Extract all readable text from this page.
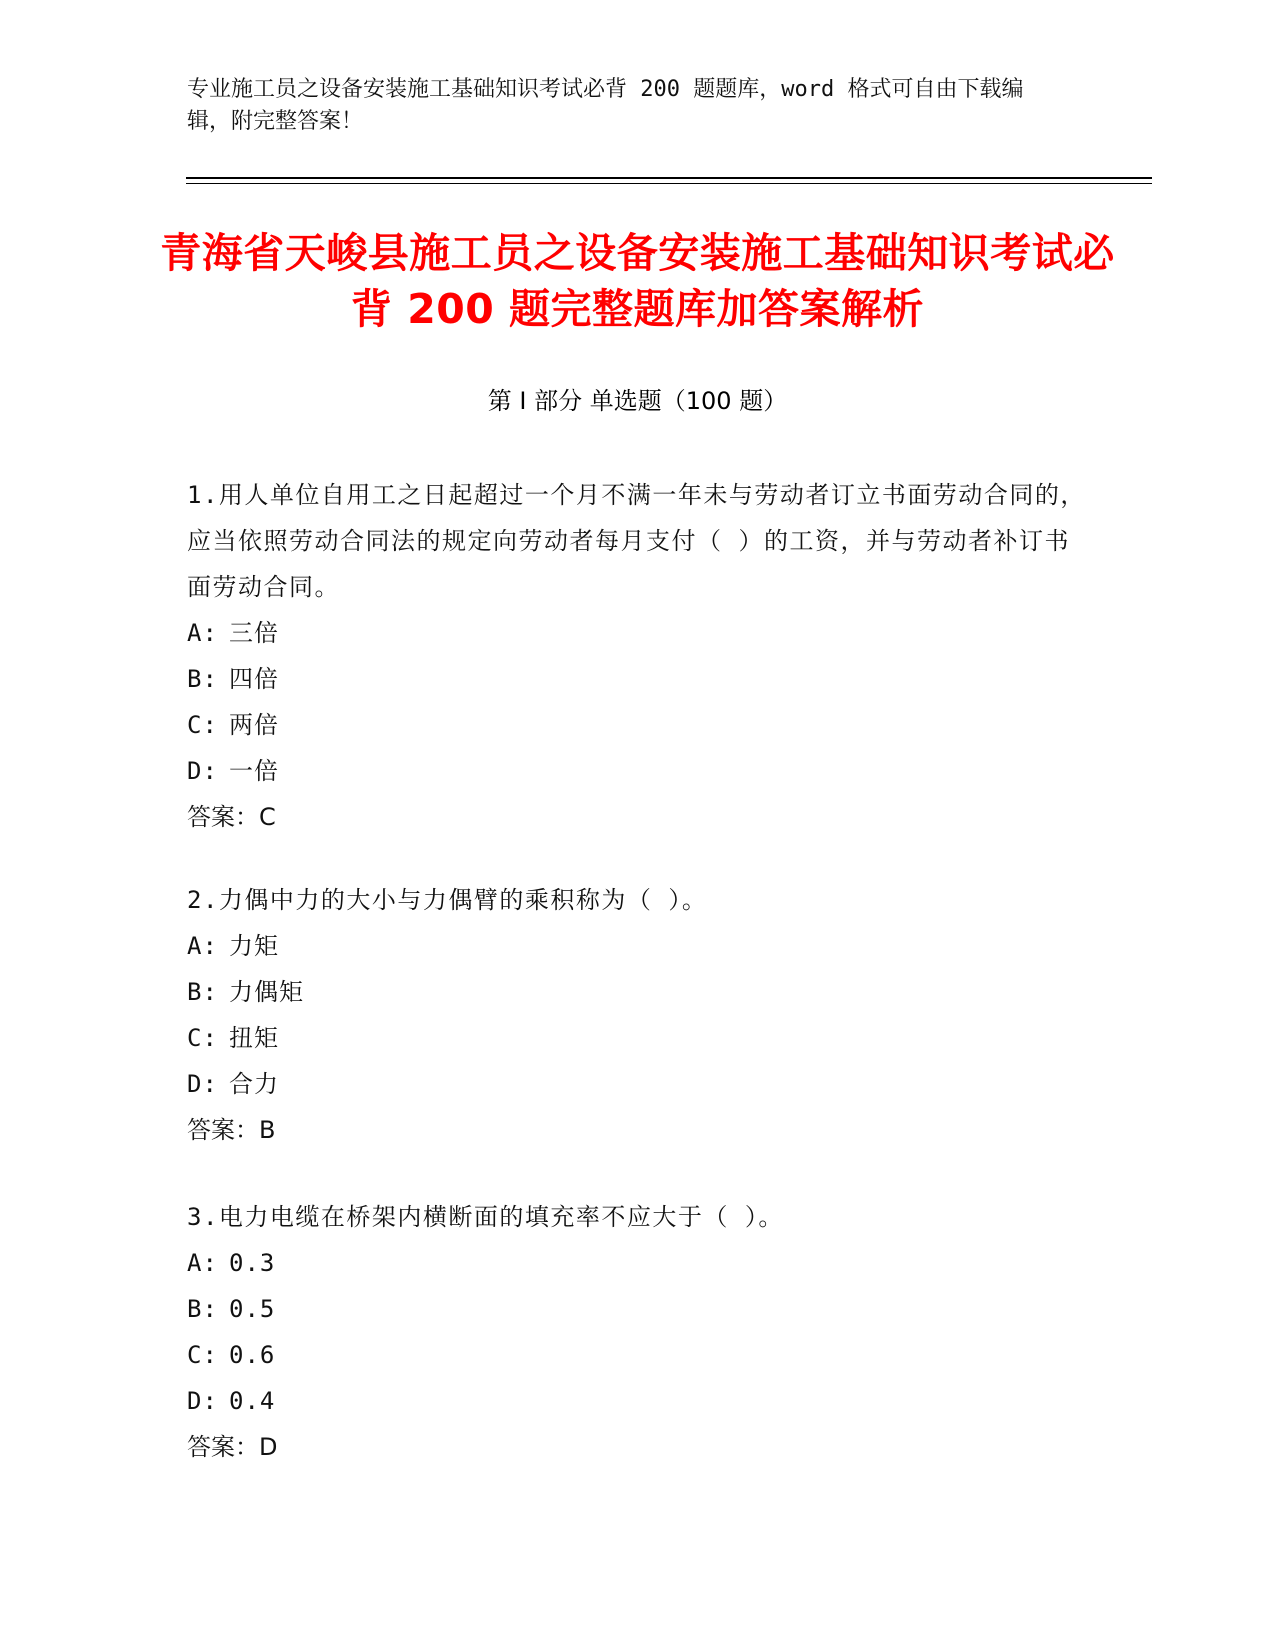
专业施工员之设备安装施工基础知识考试必背 200 题题库，word 格式可自由下载编辑，附完整答案！
青海省天峻县施工员之设备安装施工基础知识考试必背 200 题完整题库加答案解析
第 I 部分 单选题（100 题）
1.用人单位自用工之日起超过一个月不满一年未与劳动者订立书面劳动合同的，应当依照劳动合同法的规定向劳动者每月支付（ ）的工资，并与劳动者补订书面劳动合同。
A: 三倍
B: 四倍
C: 两倍
D: 一倍
答案：C
2.力偶中力的大小与力偶臂的乘积称为（ ）。
A: 力矩
B: 力偶矩
C: 扭矩
D: 合力
答案：B
3.电力电缆在桥架内横断面的填充率不应大于（ ）。
A: 0.3
B: 0.5
C: 0.6
D: 0.4
答案：D
